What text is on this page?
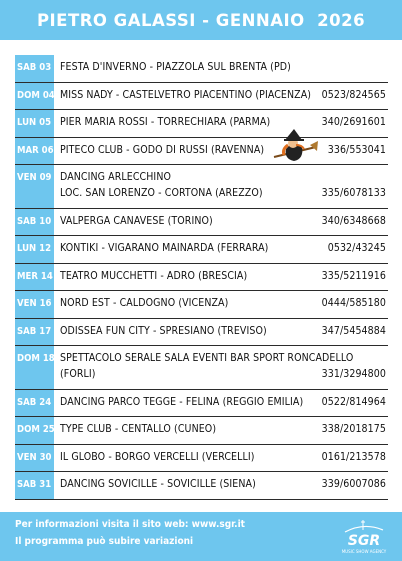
PIETRO GALASSI - GENNAIO  2026
SAB 03 FESTA D'INVERNO - PIAZZOLA SUL BRENTA (PD)
DOM 04 MISS NADY - CASTELVETRO PIACENTINO (PIACENZA) 0523/824565
LUN 05 PIER MARIA ROSSI - TORRECHIARA (PARMA)	340/2691601
MAR 06 PITECO CLUB - GODO DI RUSSI (RAVENNA)	336/553041
VEN 09 DANCING ARLECCHINO
LOC. SAN LORENZO - CORTONA (AREZZO)	335/6078133
SAB 10 VALPERGA CANAVESE (TORINO)	340/6348668
LUN 12 KONTIKI - VIGARANO MAINARDA (FERRARA)	0532/43245
MER 14 TEATRO MUCCHETTI - ADRO (BRESCIA)	335/5211916
VEN 16 NORD EST - CALDOGNO (VICENZA)	0444/585180
SAB 17 ODISSEA FUN CITY - SPRESIANO (TREVISO)	347/5454884
DOM 18 SPETTACOLO SERALE SALA EVENTI BAR SPORT RONCADELLO
(FORLI)	331/3294800
SAB 24 DANCING PARCO TEGGE - FELINA (REGGIO EMILIA) 0522/814964
DOM 25 TYPE CLUB - CENTALLO (CUNEO)	338/2018175
VEN 30 IL GLOBO - BORGO VERCELLI (VERCELLI)	0161/213578
SAB 31 DANCING SOVICILLE - SOVICILLE (SIENA)	339/6007086
Per informazioni visita il sito web: www.sgr.it
Il programma può subire variazioni	SGR
MUSIC SHOW AGENCY
